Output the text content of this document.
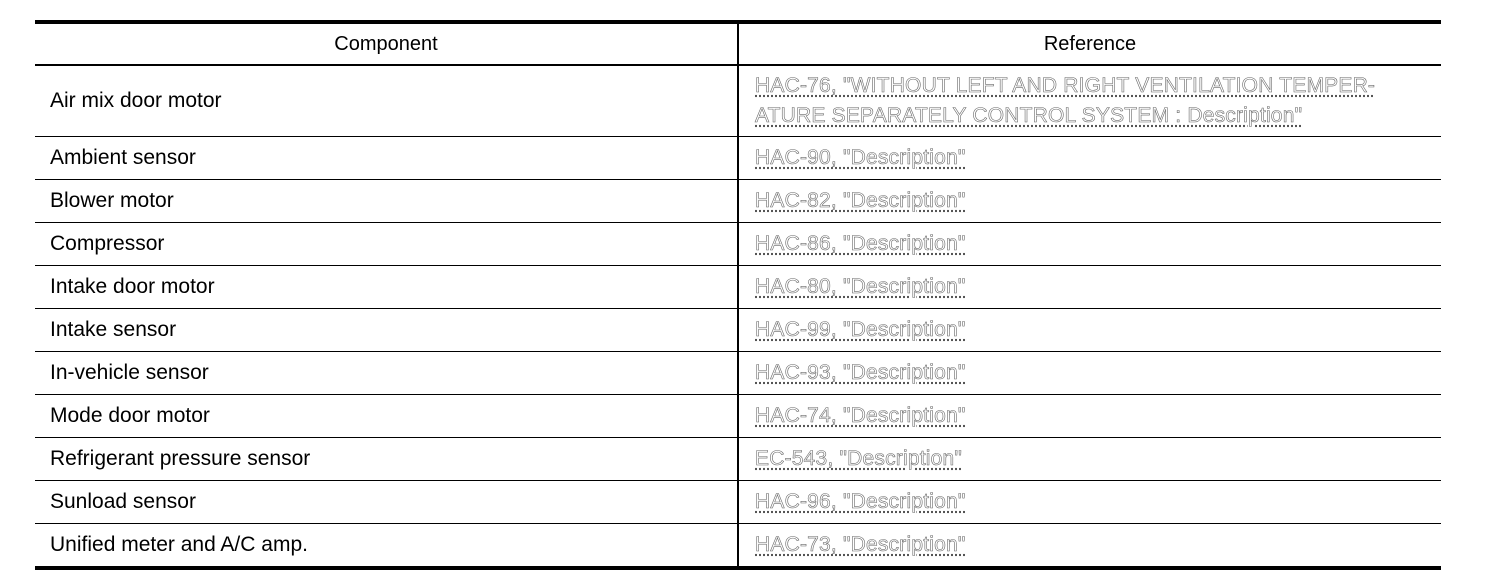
Component	Reference
Air mix door motor	HAC-76, "WITHOUT LEFT AND RIGHT VENTILATION TEMPER-ATURE SEPARATELY CONTROL SYSTEM : Description"
Ambient sensor	HAC-90, "Description"
Blower motor	HAC-82, "Description"
Compressor	HAC-86, "Description"
Intake door motor	HAC-80, "Description"
Intake sensor	HAC-99, "Description"
In-vehicle sensor	HAC-93, "Description"
Mode door motor	HAC-74, "Description"
Refrigerant pressure sensor	EC-543, "Description"
Sunload sensor	HAC-96, "Description"
Unified meter and A/C amp.	HAC-73, "Description"
